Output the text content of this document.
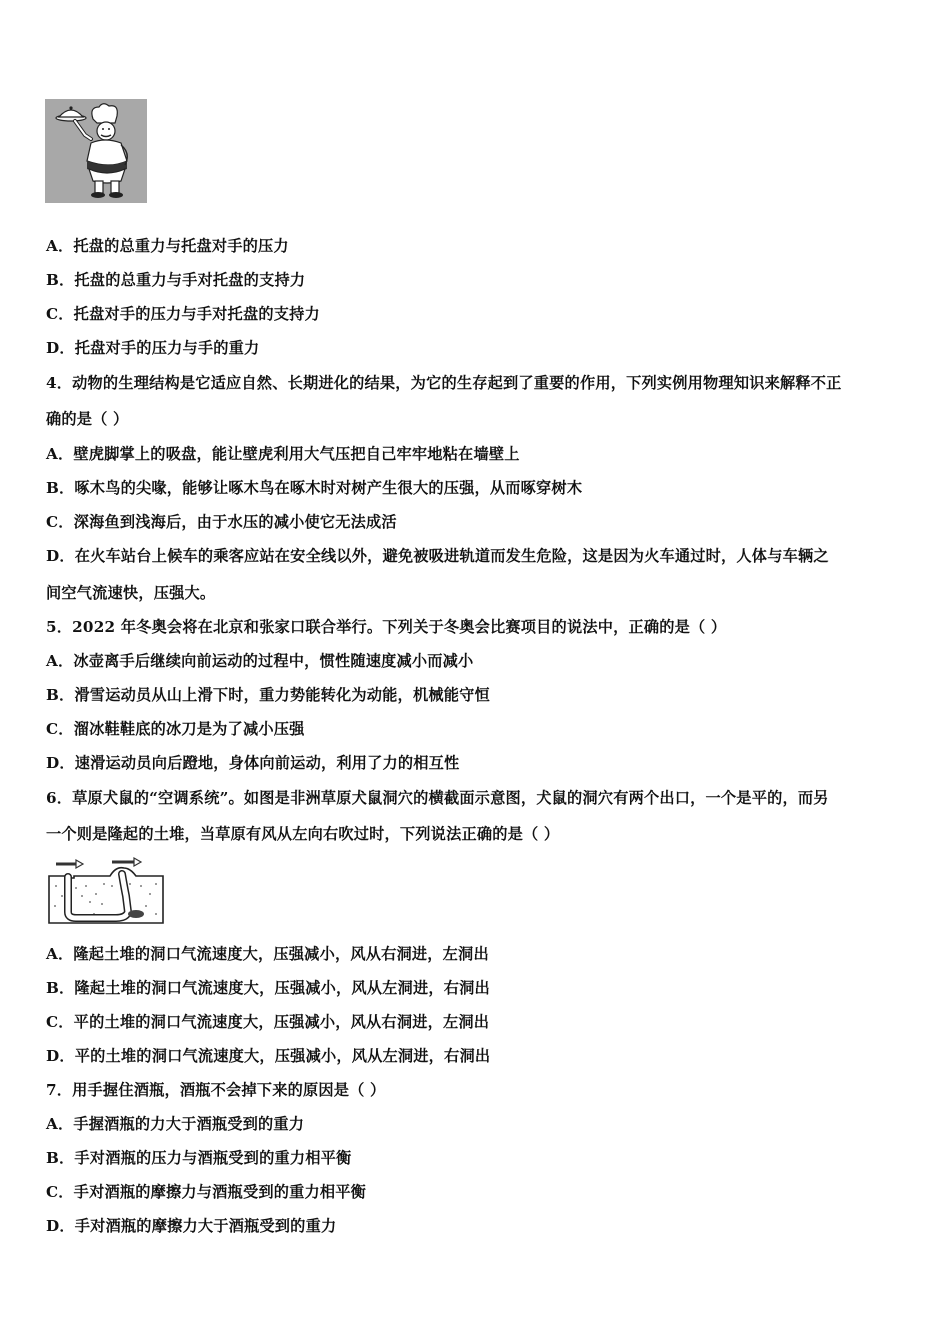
A．托盘的总重力与托盘对手的压力
B．托盘的总重力与手对托盘的支持力
C．托盘对手的压力与手对托盘的支持力
D．托盘对手的压力与手的重力
4．动物的生理结构是它适应自然、长期进化的结果，为它的生存起到了重要的作用，下列实例用物理知识来解释不正
确的是（ ）
A．壁虎脚掌上的吸盘，能让壁虎利用大气压把自己牢牢地粘在墙壁上
B．啄木鸟的尖喙，能够让啄木鸟在啄木时对树产生很大的压强，从而啄穿树木
C．深海鱼到浅海后，由于水压的减小使它无法成活
D．在火车站台上候车的乘客应站在安全线以外，避免被吸进轨道而发生危险，这是因为火车通过时，人体与车辆之
间空气流速快，压强大。
5．2022 年冬奥会将在北京和张家口联合举行。下列关于冬奥会比赛项目的说法中，正确的是（ ）
A．冰壶离手后继续向前运动的过程中，惯性随速度减小而减小
B．滑雪运动员从山上滑下时，重力势能转化为动能，机械能守恒
C．溜冰鞋鞋底的冰刀是为了减小压强
D．速滑运动员向后蹬地，身体向前运动，利用了力的相互性
6．草原犬鼠的“空调系统”。如图是非洲草原犬鼠洞穴的横截面示意图，犬鼠的洞穴有两个出口，一个是平的，而另
一个则是隆起的土堆，当草原有风从左向右吹过时，下列说法正确的是（ ）
A．隆起土堆的洞口气流速度大，压强减小，风从右洞进，左洞出
B．隆起土堆的洞口气流速度大，压强减小，风从左洞进，右洞出
C．平的土堆的洞口气流速度大，压强减小，风从右洞进，左洞出
D．平的土堆的洞口气流速度大，压强减小，风从左洞进，右洞出
7．用手握住酒瓶，酒瓶不会掉下来的原因是（ ）
A．手握酒瓶的力大于酒瓶受到的重力
B．手对酒瓶的压力与酒瓶受到的重力相平衡
C．手对酒瓶的摩擦力与酒瓶受到的重力相平衡
D．手对酒瓶的摩擦力大于酒瓶受到的重力
